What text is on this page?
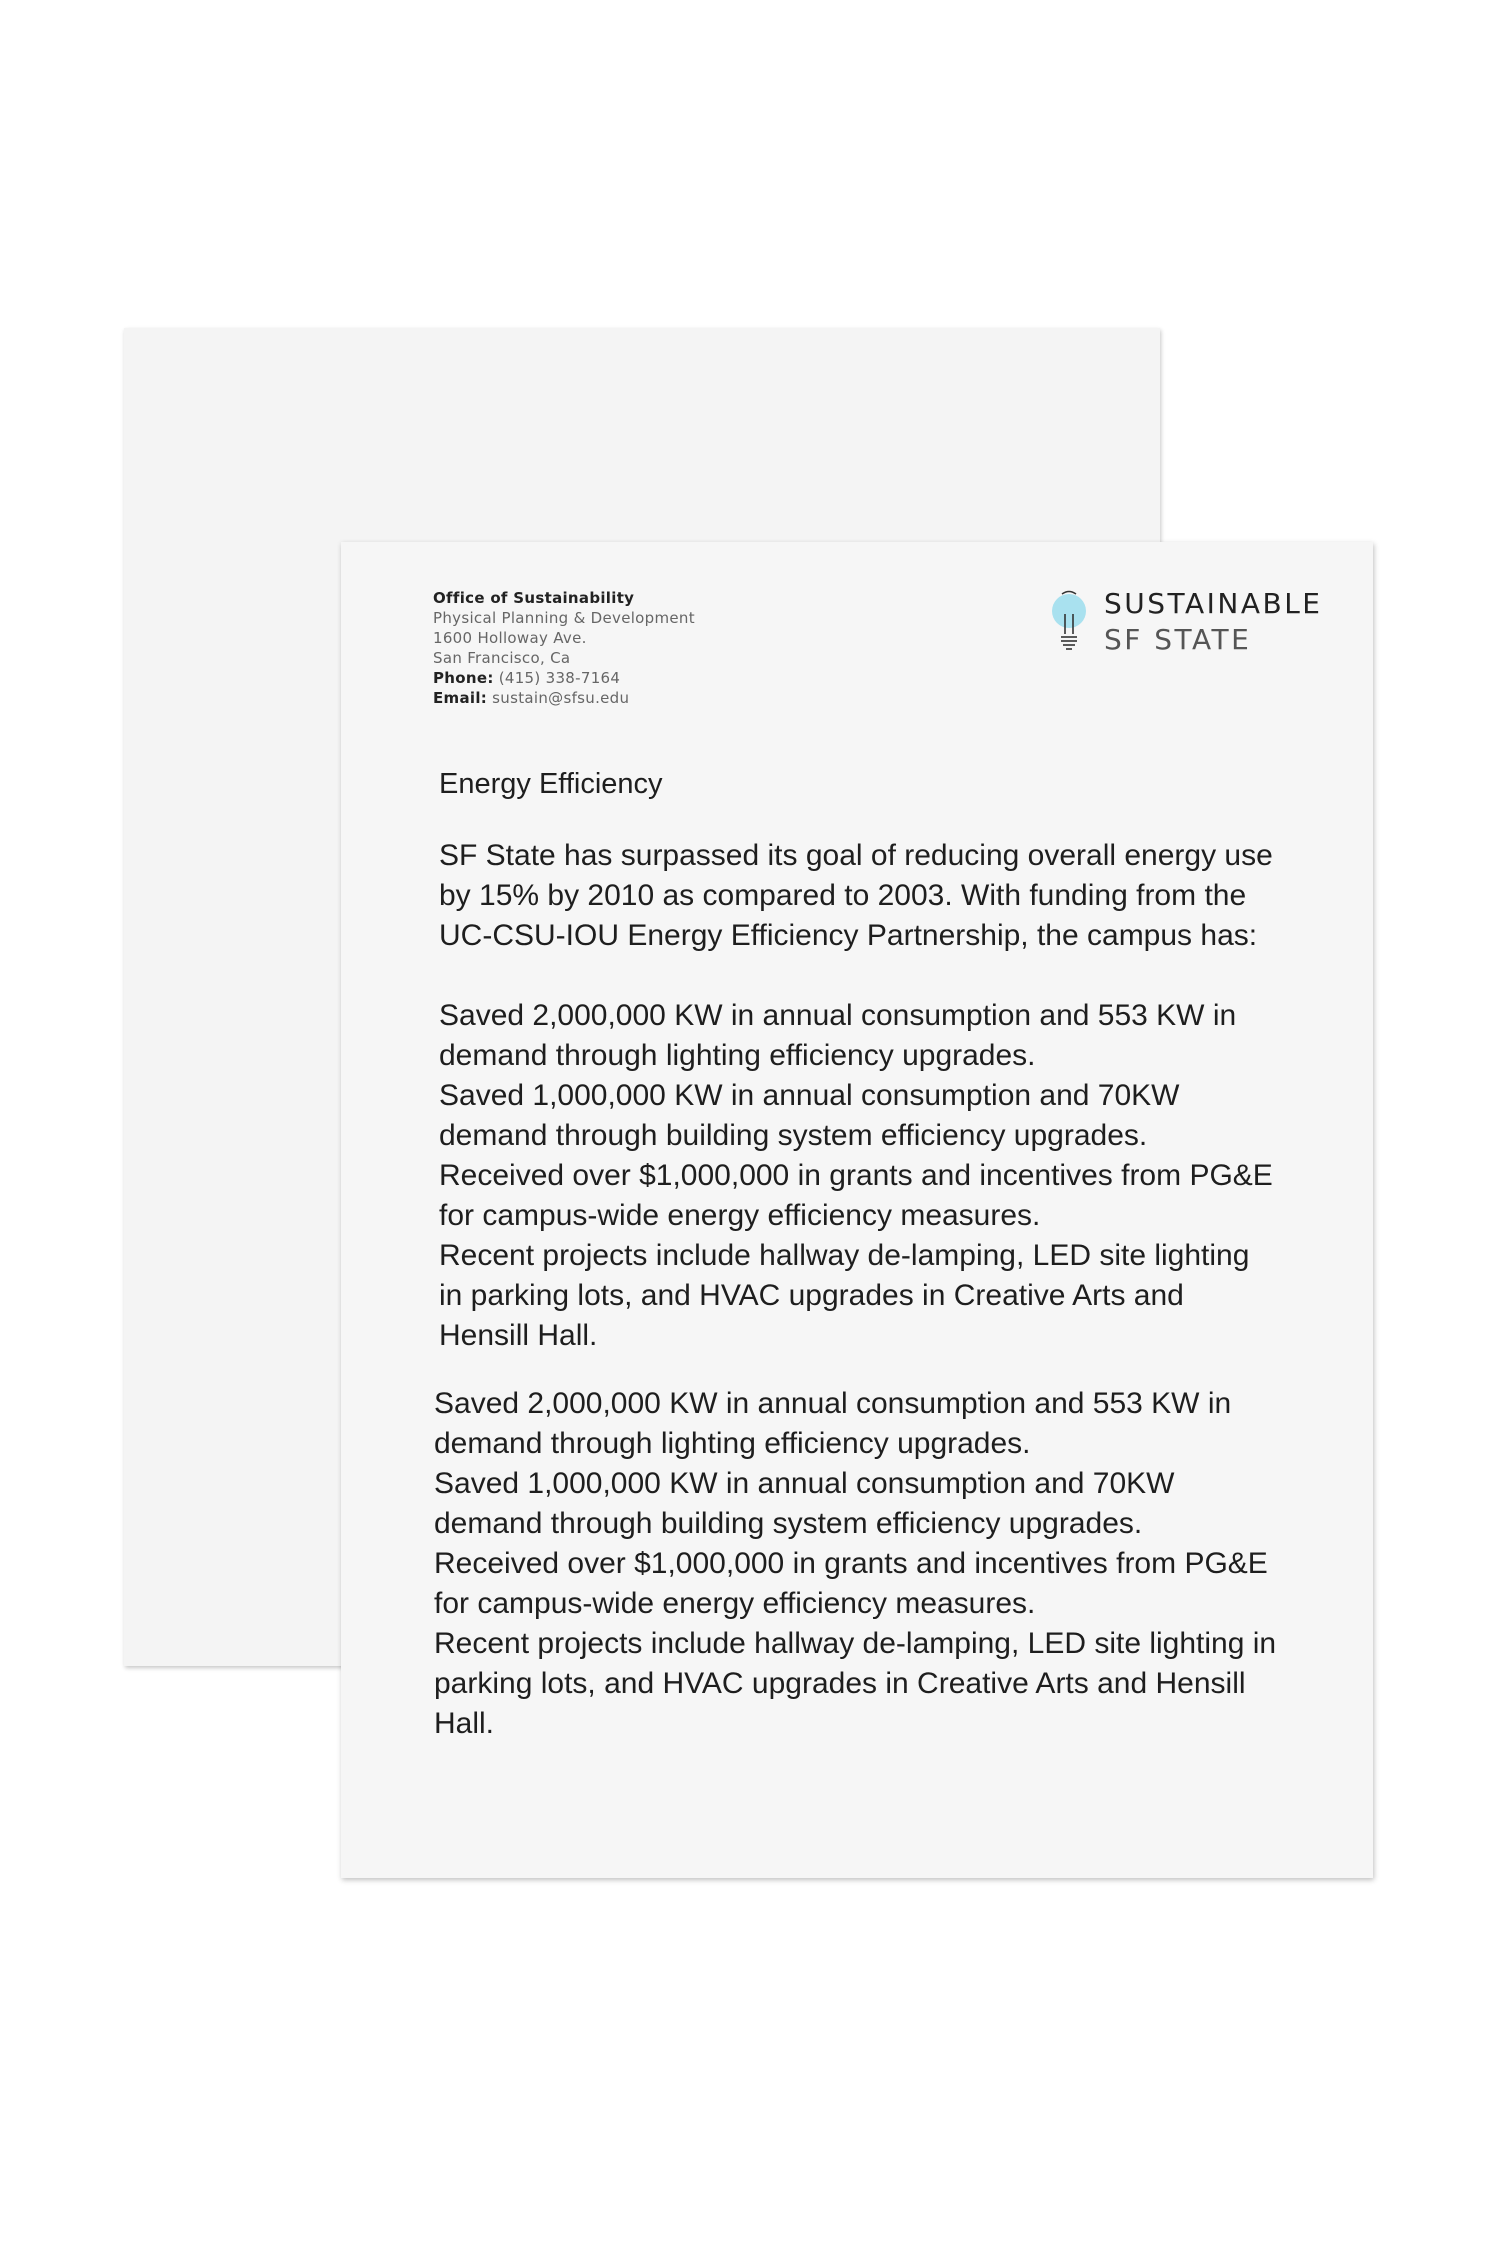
Office of Sustainability
Physical Planning & Development
1600 Holloway Ave.
San Francisco, Ca
Phone: (415) 338-7164
Email: sustain@sfsu.edu
SUSTAINABLE
SF STATE

Energy Efficiency

SF State has surpassed its goal of reducing overall energy use by 15% by 2010 as compared to 2003. With funding from the UC-CSU-IOU Energy Efficiency Partnership, the campus has:

Saved 2,000,000 KW in annual consumption and 553 KW in demand through lighting efficiency upgrades.
Saved 1,000,000 KW in annual consumption and 70KW demand through building system efficiency upgrades.
Received over $1,000,000 in grants and incentives from PG&E for campus-wide energy efficiency measures.
Recent projects include hallway de-lamping, LED site lighting in parking lots, and HVAC upgrades in Creative Arts and Hensill Hall.

Saved 2,000,000 KW in annual consumption and 553 KW in demand through lighting efficiency upgrades.
Saved 1,000,000 KW in annual consumption and 70KW demand through building system efficiency upgrades.
Received over $1,000,000 in grants and incentives from PG&E for campus-wide energy efficiency measures.
Recent projects include hallway de-lamping, LED site lighting in parking lots, and HVAC upgrades in Creative Arts and Hensill Hall.
